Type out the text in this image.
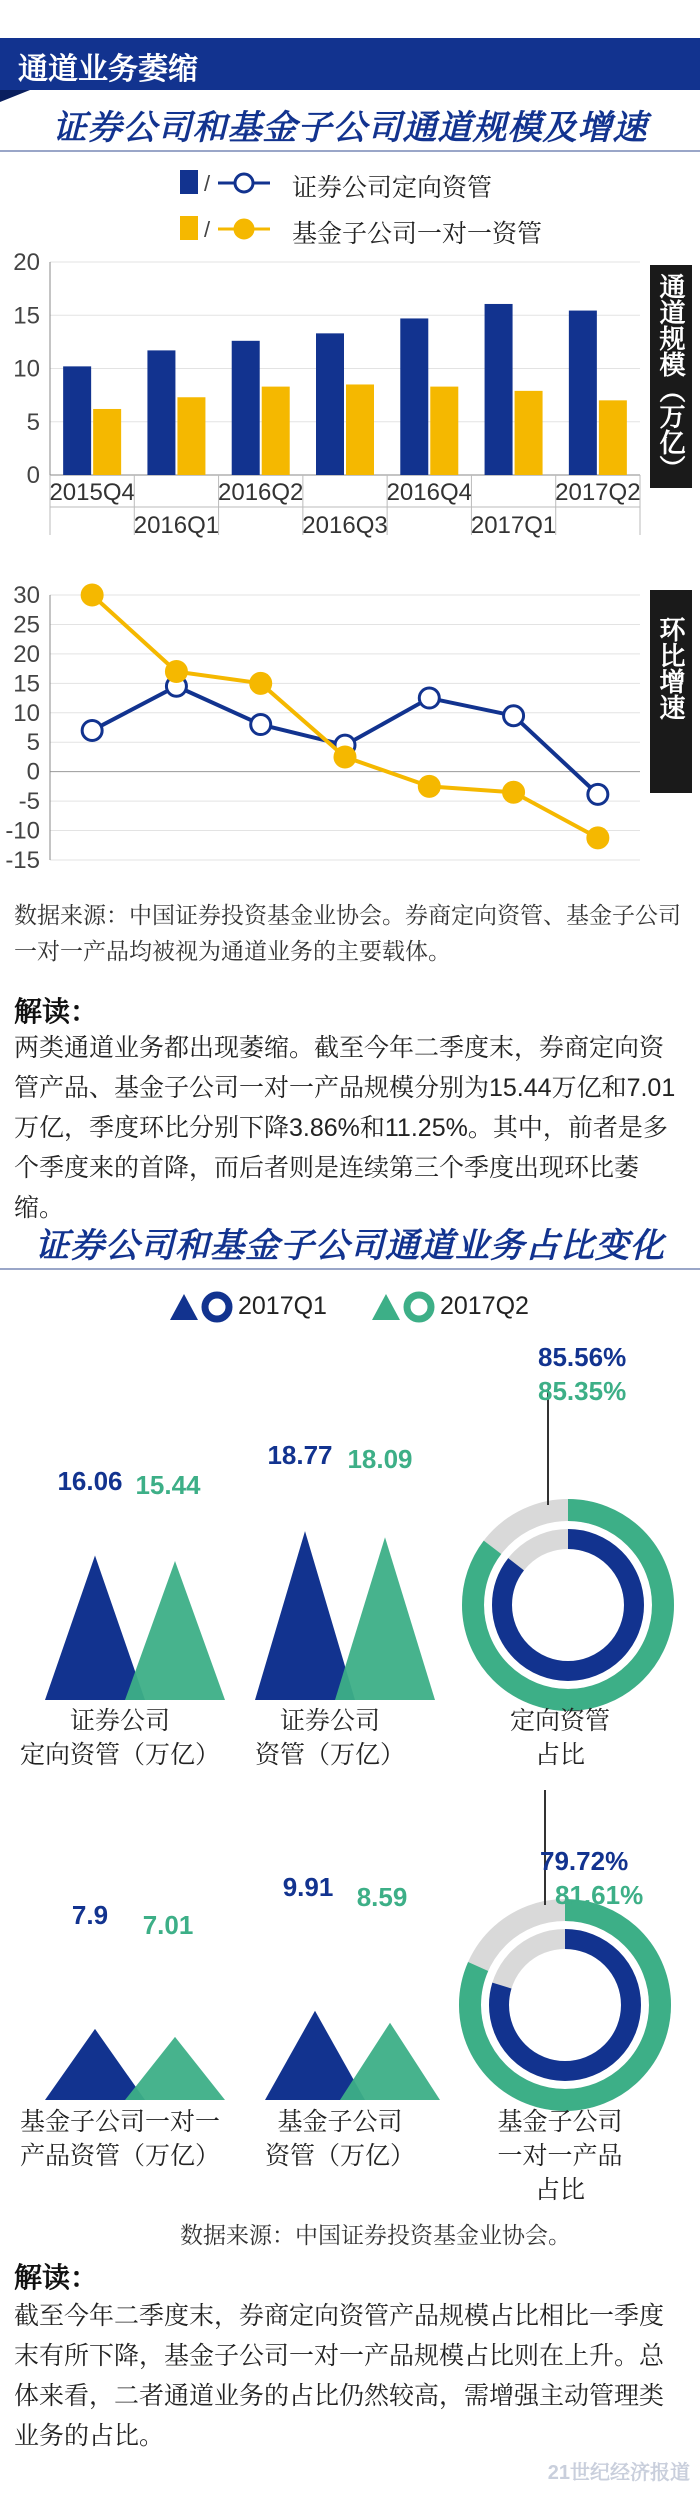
通道业务萎缩
证券公司和基金子公司通道规模及增速
/	证券公司定向资管
/	基金子公司一对一资管
0
5
10
15
20
2015Q4
2016Q1
2016Q2
2016Q3
2016Q4
2017Q1
2017Q2
30
25
20
15
10
5
0
-5
-10
-15
通道规模（万亿）
环比增速
数据来源：中国证券投资基金业协会。券商定向资管、基金子公司一对一产品均被视为通道业务的主要载体。
解读：
两类通道业务都出现萎缩。截至今年二季度末，券商定向资管产品、基金子公司一对一产品规模分别为15.44万亿和7.01万亿，季度环比分别下降3.86%和11.25%。其中，前者是多个季度来的首降，而后者则是连续第三个季度出现环比萎缩。
证券公司和基金子公司通道业务占比变化
2017Q1	2017Q2
16.06 15.44
18.77 18.09
证券公司
定向资管（万亿）
证券公司
资管（万亿）
85.56%
85.35%
定向资管
占比
7.9	7.01
9.91 8.59
基金子公司一对一
产品资管（万亿）
基金子公司
资管（万亿）
79.72%
81.61%
基金子公司
一对一产品
占比
数据来源：中国证券投资基金业协会。
解读：
截至今年二季度末，券商定向资管产品规模占比相比一季度末有所下降，基金子公司一对一产品规模占比则在上升。总体来看，二者通道业务的占比仍然较高，需增强主动管理类业务的占比。
21世纪经济报道
